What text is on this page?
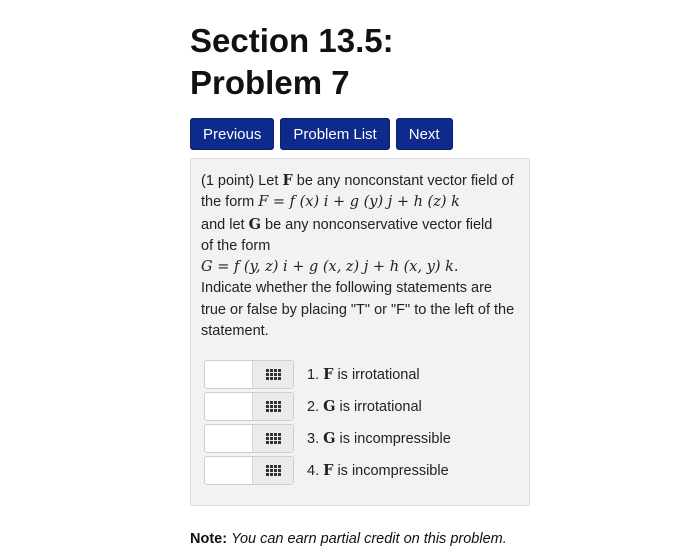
Section 13.5:
Problem 7
Previous	Problem List	Next
(1 point) Let F be any nonconstant vector field of the form F = f (x) i + g (y) j + h (z) k
and let G be any nonconservative vector field
of the form
G = f (y, z) i + g (x, z) j + h (x, y) k.
Indicate whether the following statements are true or false by placing "T" or "F" to the left of the statement.
1. F is irrotational
2. G is irrotational
3. G is incompressible
4. F is incompressible
Note: You can earn partial credit on this problem.
